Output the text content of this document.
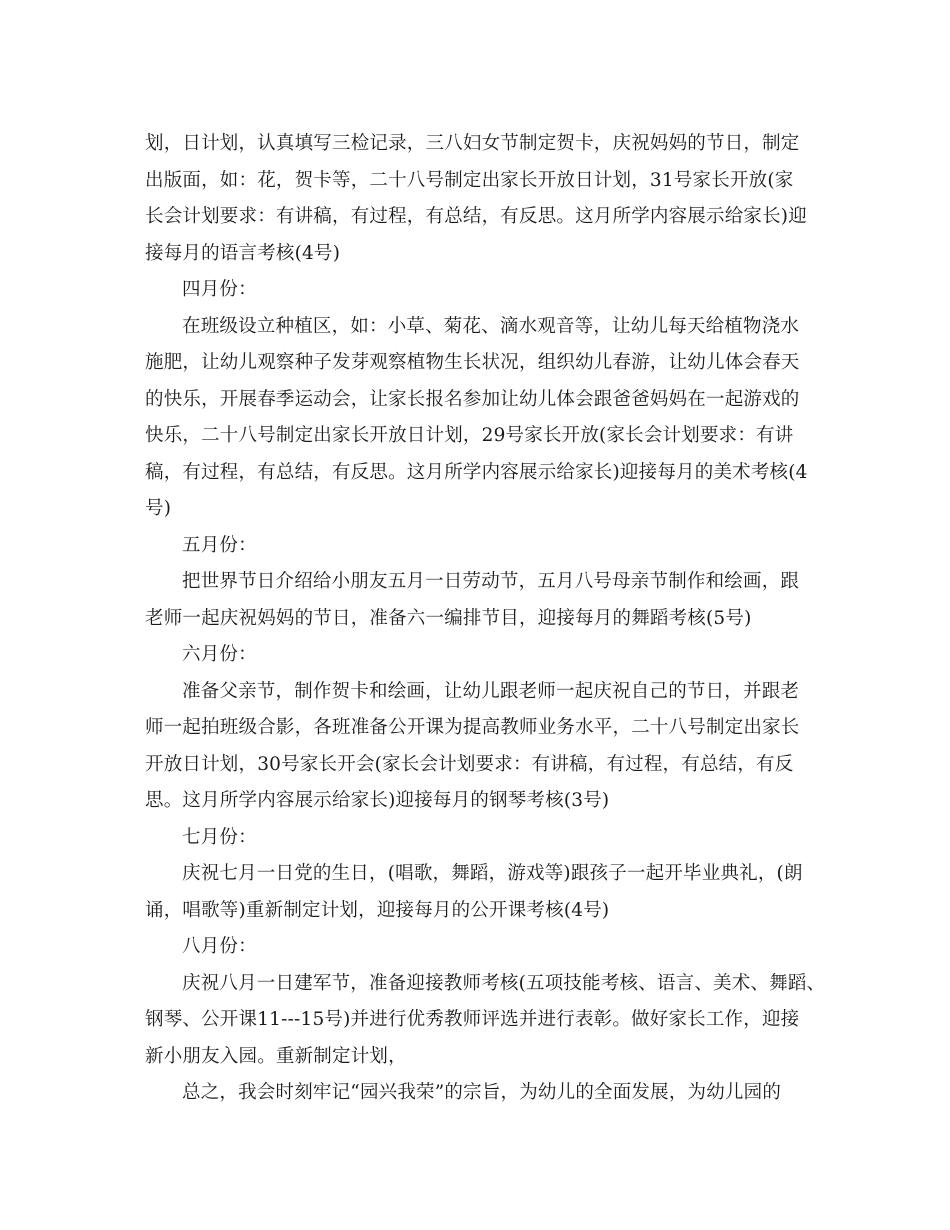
划，日计划，认真填写三检记录，三八妇女节制定贺卡，庆祝妈妈的节日，制定
出版面，如：花，贺卡等，二十八号制定出家长开放日计划，31号家长开放(家
长会计划要求：有讲稿，有过程，有总结，有反思。这月所学内容展示给家长)迎
接每月的语言考核(4号)
四月份：
在班级设立种植区，如：小草、菊花、滴水观音等，让幼儿每天给植物浇水
施肥，让幼儿观察种子发芽观察植物生长状况，组织幼儿春游，让幼儿体会春天
的快乐，开展春季运动会，让家长报名参加让幼儿体会跟爸爸妈妈在一起游戏的
快乐，二十八号制定出家长开放日计划，29号家长开放(家长会计划要求：有讲
稿，有过程，有总结，有反思。这月所学内容展示给家长)迎接每月的美术考核(4
号)
五月份：
把世界节日介绍给小朋友五月一日劳动节，五月八号母亲节制作和绘画，跟
老师一起庆祝妈妈的节日，准备六一编排节目，迎接每月的舞蹈考核(5号)
六月份：
准备父亲节，制作贺卡和绘画，让幼儿跟老师一起庆祝自己的节日，并跟老
师一起拍班级合影，各班准备公开课为提高教师业务水平，二十八号制定出家长
开放日计划，30号家长开会(家长会计划要求：有讲稿，有过程，有总结，有反
思。这月所学内容展示给家长)迎接每月的钢琴考核(3号)
七月份：
庆祝七月一日党的生日，(唱歌，舞蹈，游戏等)跟孩子一起开毕业典礼，(朗
诵，唱歌等)重新制定计划，迎接每月的公开课考核(4号)
八月份：
庆祝八月一日建军节，准备迎接教师考核(五项技能考核、语言、美术、舞蹈、
钢琴、公开课11---15号)并进行优秀教师评选并进行表彰。做好家长工作，迎接
新小朋友入园。重新制定计划，
总之，我会时刻牢记“园兴我荣”的宗旨，为幼儿的全面发展，为幼儿园的
